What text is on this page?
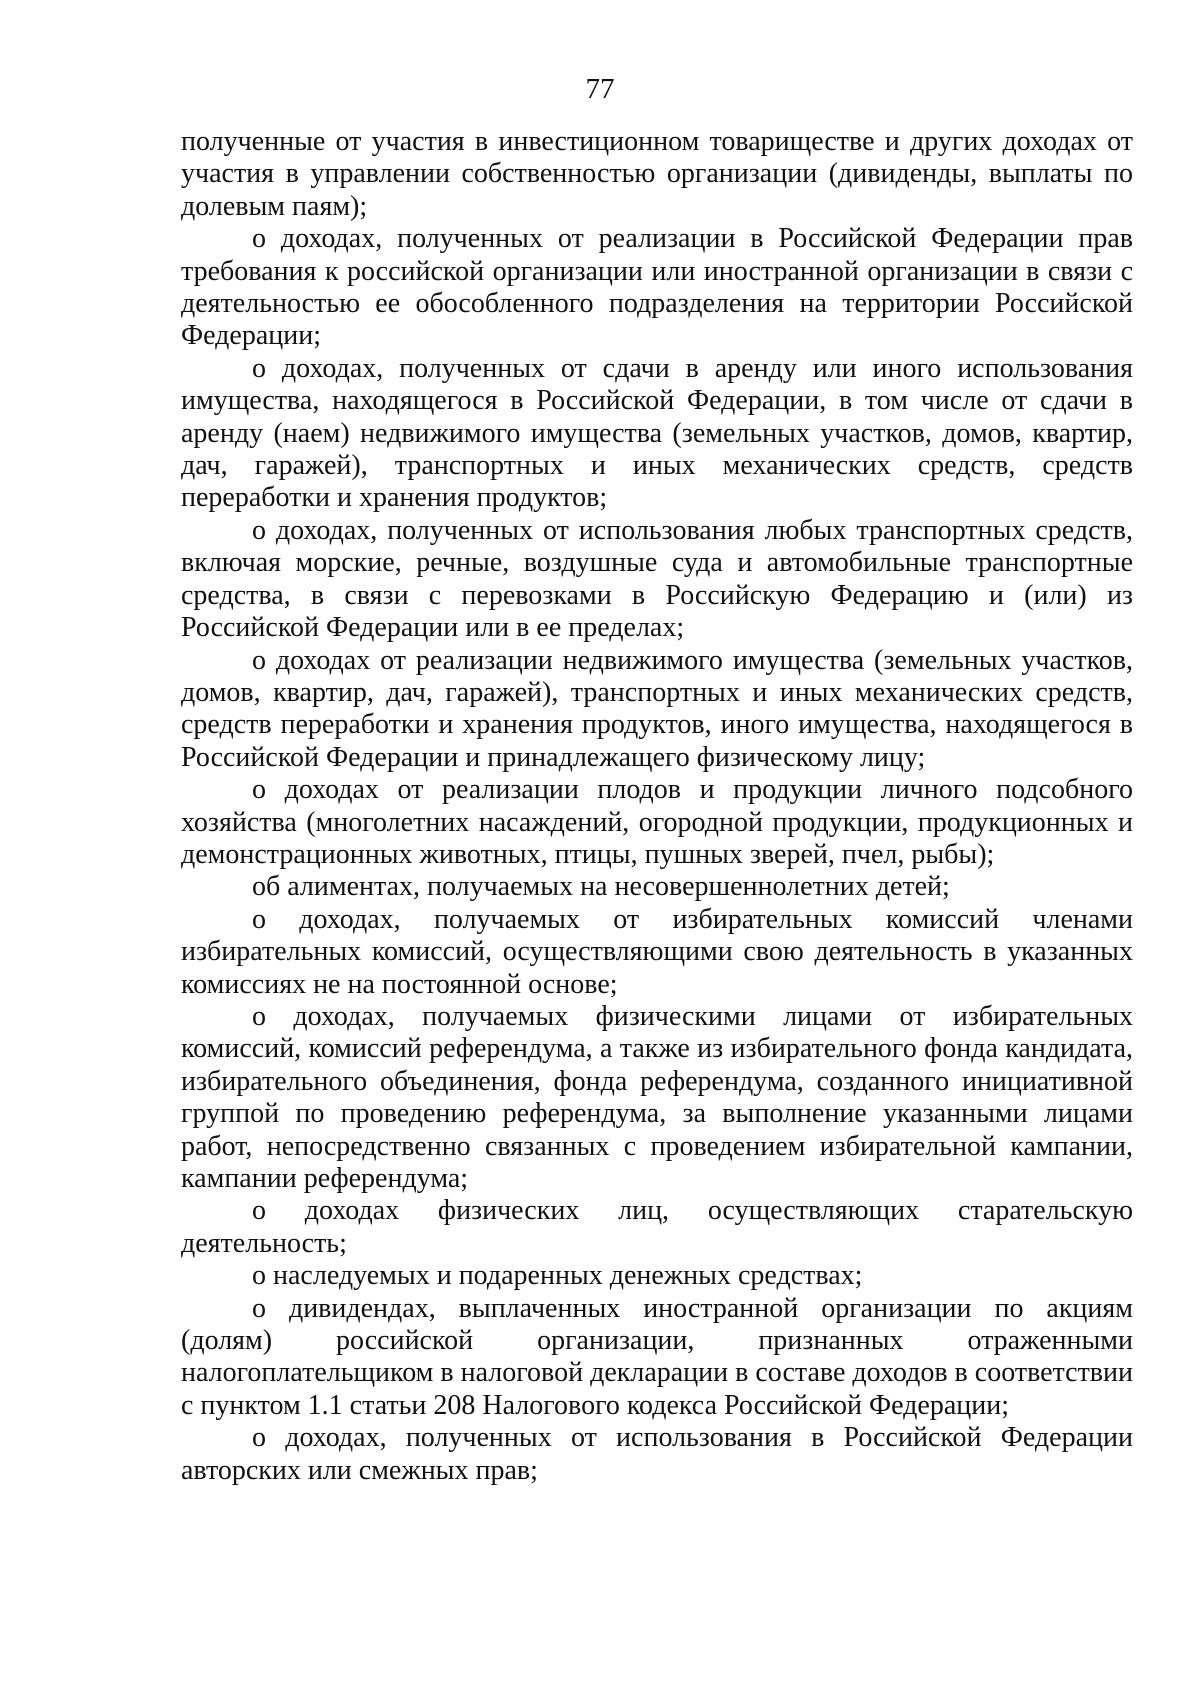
77

полученные от участия в инвестиционном товариществе и других доходах от участия в управлении собственностью организации (дивиденды, выплаты по долевым паям);

о доходах, полученных от реализации в Российской Федерации прав требования к российской организации или иностранной организации в связи с деятельностью ее обособленного подразделения на территории Российской Федерации;

о доходах, полученных от сдачи в аренду или иного использования имущества, находящегося в Российской Федерации, в том числе от сдачи в аренду (наем) недвижимого имущества (земельных участков, домов, квартир, дач, гаражей), транспортных и иных механических средств, средств переработки и хранения продуктов;

о доходах, полученных от использования любых транспортных средств, включая морские, речные, воздушные суда и автомобильные транспортные средства, в связи с перевозками в Российскую Федерацию и (или) из Российской Федерации или в ее пределах;

о доходах от реализации недвижимого имущества (земельных участков, домов, квартир, дач, гаражей), транспортных и иных механических средств, средств переработки и хранения продуктов, иного имущества, находящегося в Российской Федерации и принадлежащего физическому лицу;

о доходах от реализации плодов и продукции личного подсобного хозяйства (многолетних насаждений, огородной продукции, продукционных и демонстрационных животных, птицы, пушных зверей, пчел, рыбы);

об алиментах, получаемых на несовершеннолетних детей;

о доходах, получаемых от избирательных комиссий членами избирательных комиссий, осуществляющими свою деятельность в указанных комиссиях не на постоянной основе;

о доходах, получаемых физическими лицами от избирательных комиссий, комиссий референдума, а также из избирательного фонда кандидата, избирательного объединения, фонда референдума, созданного инициативной группой по проведению референдума, за выполнение указанными лицами работ, непосредственно связанных с проведением избирательной кампании, кампании референдума;

о доходах физических лиц, осуществляющих старательскую деятельность;

о наследуемых и подаренных денежных средствах;

о дивидендах, выплаченных иностранной организации по акциям (долям) российской организации, признанных отраженными налогоплательщиком в налоговой декларации в составе доходов в соответствии с пунктом 1.1 статьи 208 Налогового кодекса Российской Федерации;

о доходах, полученных от использования в Российской Федерации авторских или смежных прав;
